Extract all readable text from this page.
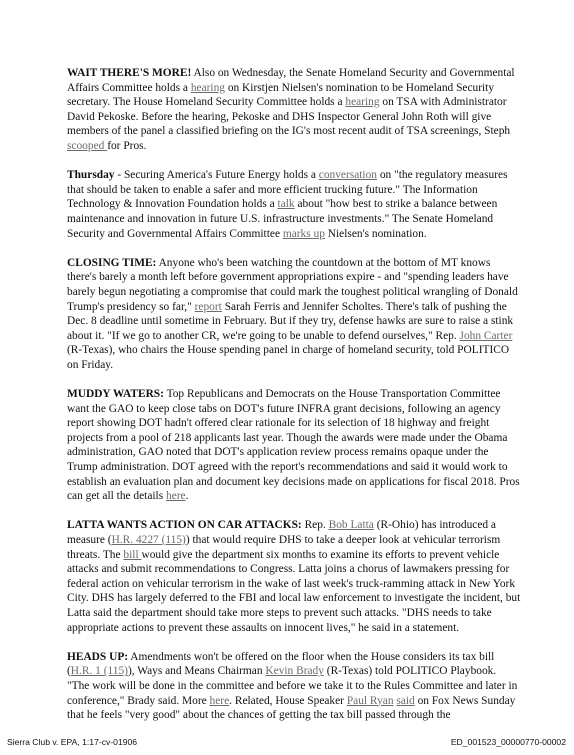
WAIT THERE'S MORE! Also on Wednesday, the Senate Homeland Security and Governmental Affairs Committee holds a hearing on Kirstjen Nielsen's nomination to be Homeland Security secretary. The House Homeland Security Committee holds a hearing on TSA with Administrator David Pekoske. Before the hearing, Pekoske and DHS Inspector General John Roth will give members of the panel a classified briefing on the IG's most recent audit of TSA screenings, Steph scooped for Pros.

Thursday - Securing America's Future Energy holds a conversation on "the regulatory measures that should be taken to enable a safer and more efficient trucking future." The Information Technology & Innovation Foundation holds a talk about "how best to strike a balance between maintenance and innovation in future U.S. infrastructure investments." The Senate Homeland Security and Governmental Affairs Committee marks up Nielsen's nomination.

CLOSING TIME: Anyone who's been watching the countdown at the bottom of MT knows there's barely a month left before government appropriations expire - and "spending leaders have barely begun negotiating a compromise that could mark the toughest political wrangling of Donald Trump's presidency so far," report Sarah Ferris and Jennifer Scholtes. There's talk of pushing the Dec. 8 deadline until sometime in February. But if they try, defense hawks are sure to raise a stink about it. "If we go to another CR, we're going to be unable to defend ourselves," Rep. John Carter (R-Texas), who chairs the House spending panel in charge of homeland security, told POLITICO on Friday.

MUDDY WATERS: Top Republicans and Democrats on the House Transportation Committee want the GAO to keep close tabs on DOT's future INFRA grant decisions, following an agency report showing DOT hadn't offered clear rationale for its selection of 18 highway and freight projects from a pool of 218 applicants last year. Though the awards were made under the Obama administration, GAO noted that DOT's application review process remains opaque under the Trump administration. DOT agreed with the report's recommendations and said it would work to establish an evaluation plan and document key decisions made on applications for fiscal 2018. Pros can get all the details here.

LATTA WANTS ACTION ON CAR ATTACKS: Rep. Bob Latta (R-Ohio) has introduced a measure (H.R. 4227 (115)) that would require DHS to take a deeper look at vehicular terrorism threats. The bill would give the department six months to examine its efforts to prevent vehicle attacks and submit recommendations to Congress. Latta joins a chorus of lawmakers pressing for federal action on vehicular terrorism in the wake of last week's truck-ramming attack in New York City. DHS has largely deferred to the FBI and local law enforcement to investigate the incident, but Latta said the department should take more steps to prevent such attacks. "DHS needs to take appropriate actions to prevent these assaults on innocent lives," he said in a statement.

HEADS UP: Amendments won't be offered on the floor when the House considers its tax bill (H.R. 1 (115)), Ways and Means Chairman Kevin Brady (R-Texas) told POLITICO Playbook. "The work will be done in the committee and before we take it to the Rules Committee and later in conference," Brady said. More here. Related, House Speaker Paul Ryan said on Fox News Sunday that he feels "very good" about the chances of getting the tax bill passed through the

Sierra Club v. EPA, 1:17-cv-01906	ED_001523_00000770-00002
